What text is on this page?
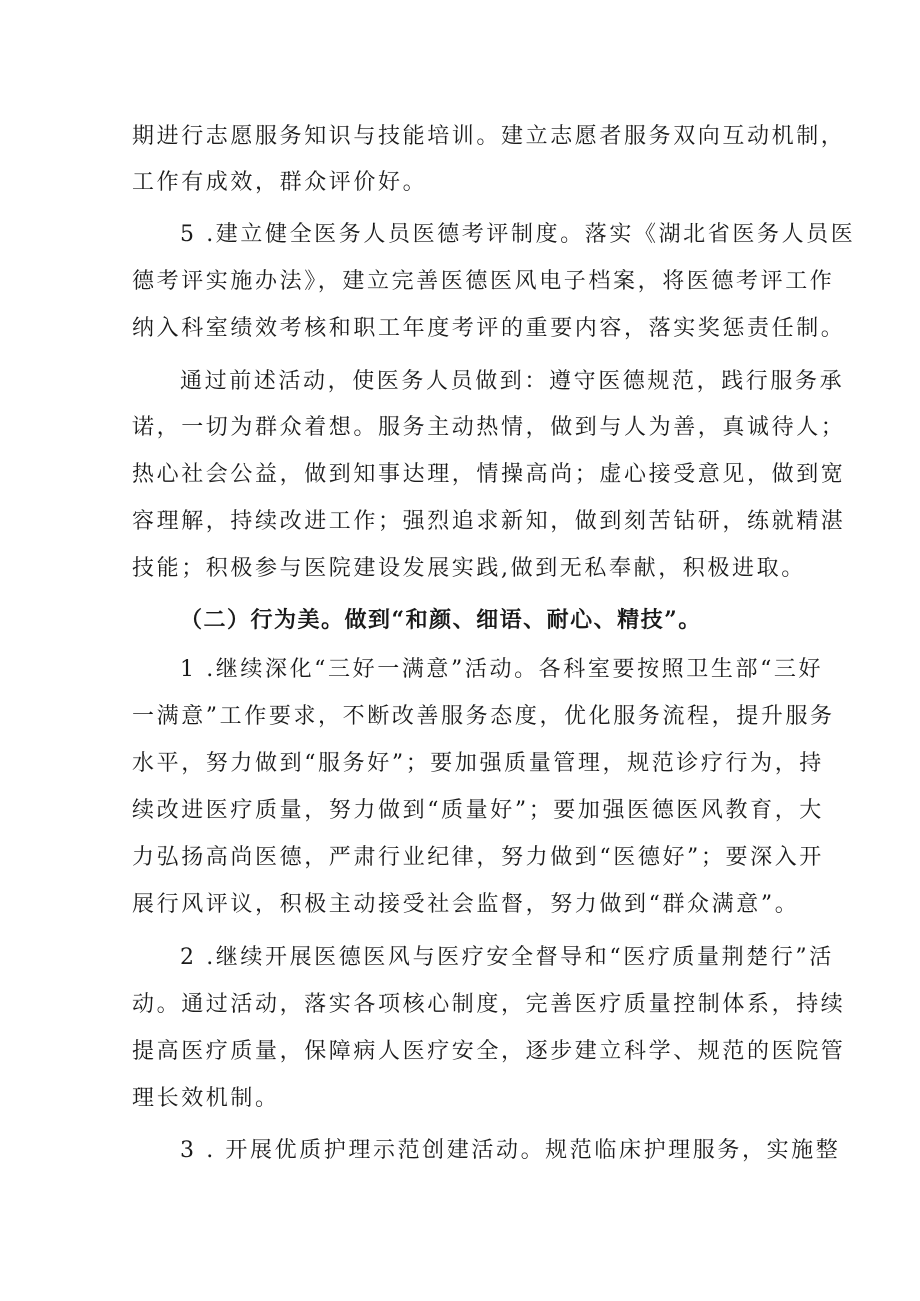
期进行志愿服务知识与技能培训。建立志愿者服务双向互动机制，
工作有成效，群众评价好。
5 .建立健全医务人员医德考评制度。落实《湖北省医务人员医
德考评实施办法》，建立完善医德医风电子档案，将医德考评工作
纳入科室绩效考核和职工年度考评的重要内容，落实奖惩责任制。
通过前述活动，使医务人员做到：遵守医德规范，践行服务承
诺，一切为群众着想。服务主动热情，做到与人为善，真诚待人；
热心社会公益，做到知事达理，情操高尚；虚心接受意见，做到宽
容理解，持续改进工作；强烈追求新知，做到刻苦钻研，练就精湛
技能；积极参与医院建设发展实践,做到无私奉献，积极进取。
（二）行为美。做到“和颜、细语、耐心、精技”。
1 .继续深化“三好一满意”活动。各科室要按照卫生部“三好
一满意”工作要求，不断改善服务态度，优化服务流程，提升服务
水平，努力做到“服务好”；要加强质量管理，规范诊疗行为，持
续改进医疗质量，努力做到“质量好”；要加强医德医风教育，大
力弘扬高尚医德，严肃行业纪律，努力做到“医德好”；要深入开
展行风评议，积极主动接受社会监督，努力做到“群众满意”。
2 .继续开展医德医风与医疗安全督导和“医疗质量荆楚行”活
动。通过活动，落实各项核心制度，完善医疗质量控制体系，持续
提高医疗质量，保障病人医疗安全，逐步建立科学、规范的医院管
理长效机制。
3 . 开展优质护理示范创建活动。规范临床护理服务，实施整
